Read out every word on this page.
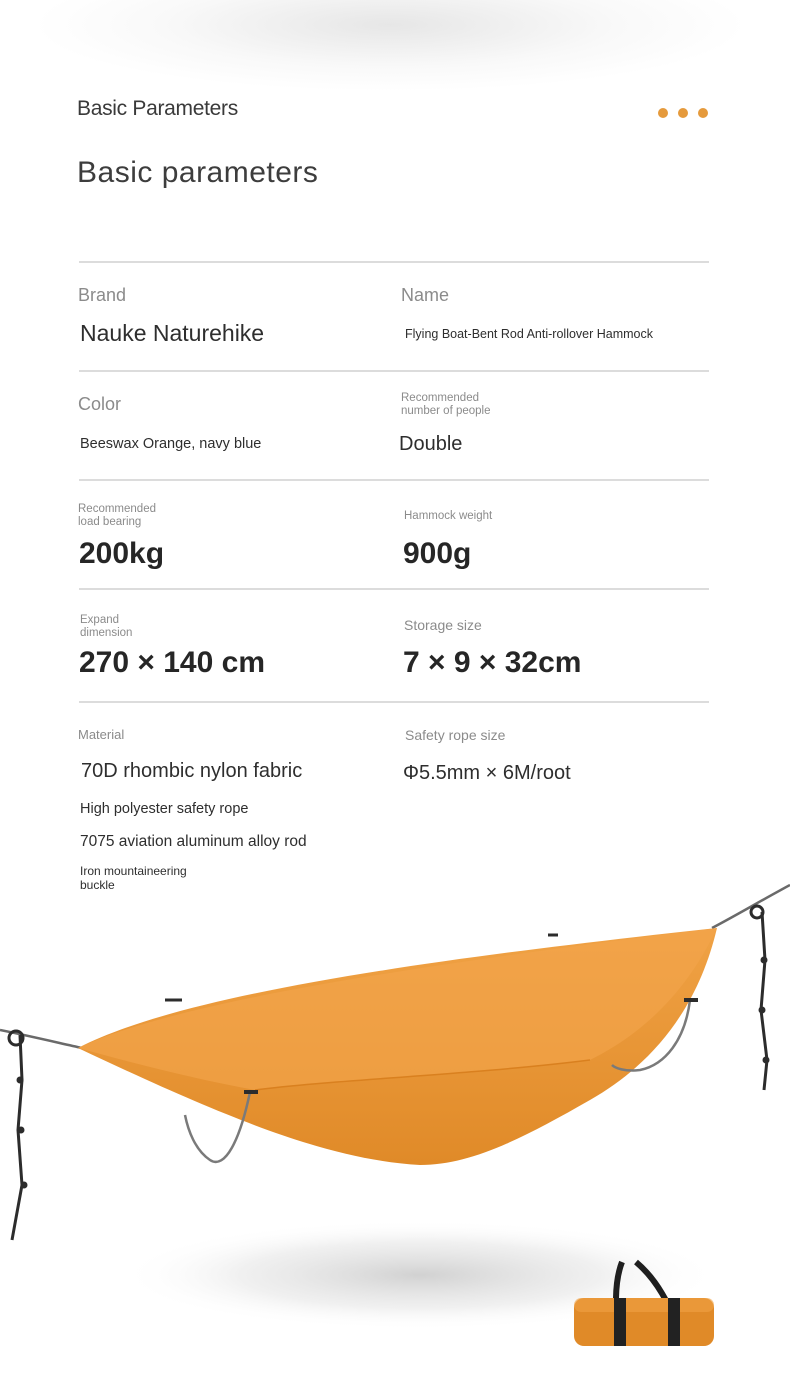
Basic Parameters
Basic parameters
Brand
Nauke Naturehike
Name
Flying Boat-Bent Rod Anti-rollover Hammock
Color
Beeswax Orange, navy blue
Recommended
number of people
Double
Recommended
load bearing
200kg
Hammock weight
900g
Expand
dimension
270 × 140 cm
Storage size
7 × 9 × 32cm
Material
70D rhombic nylon fabric
High polyester safety rope
7075 aviation aluminum alloy rod
Iron mountaineering
buckle
Safety rope size
Φ5.5mm × 6M/root
